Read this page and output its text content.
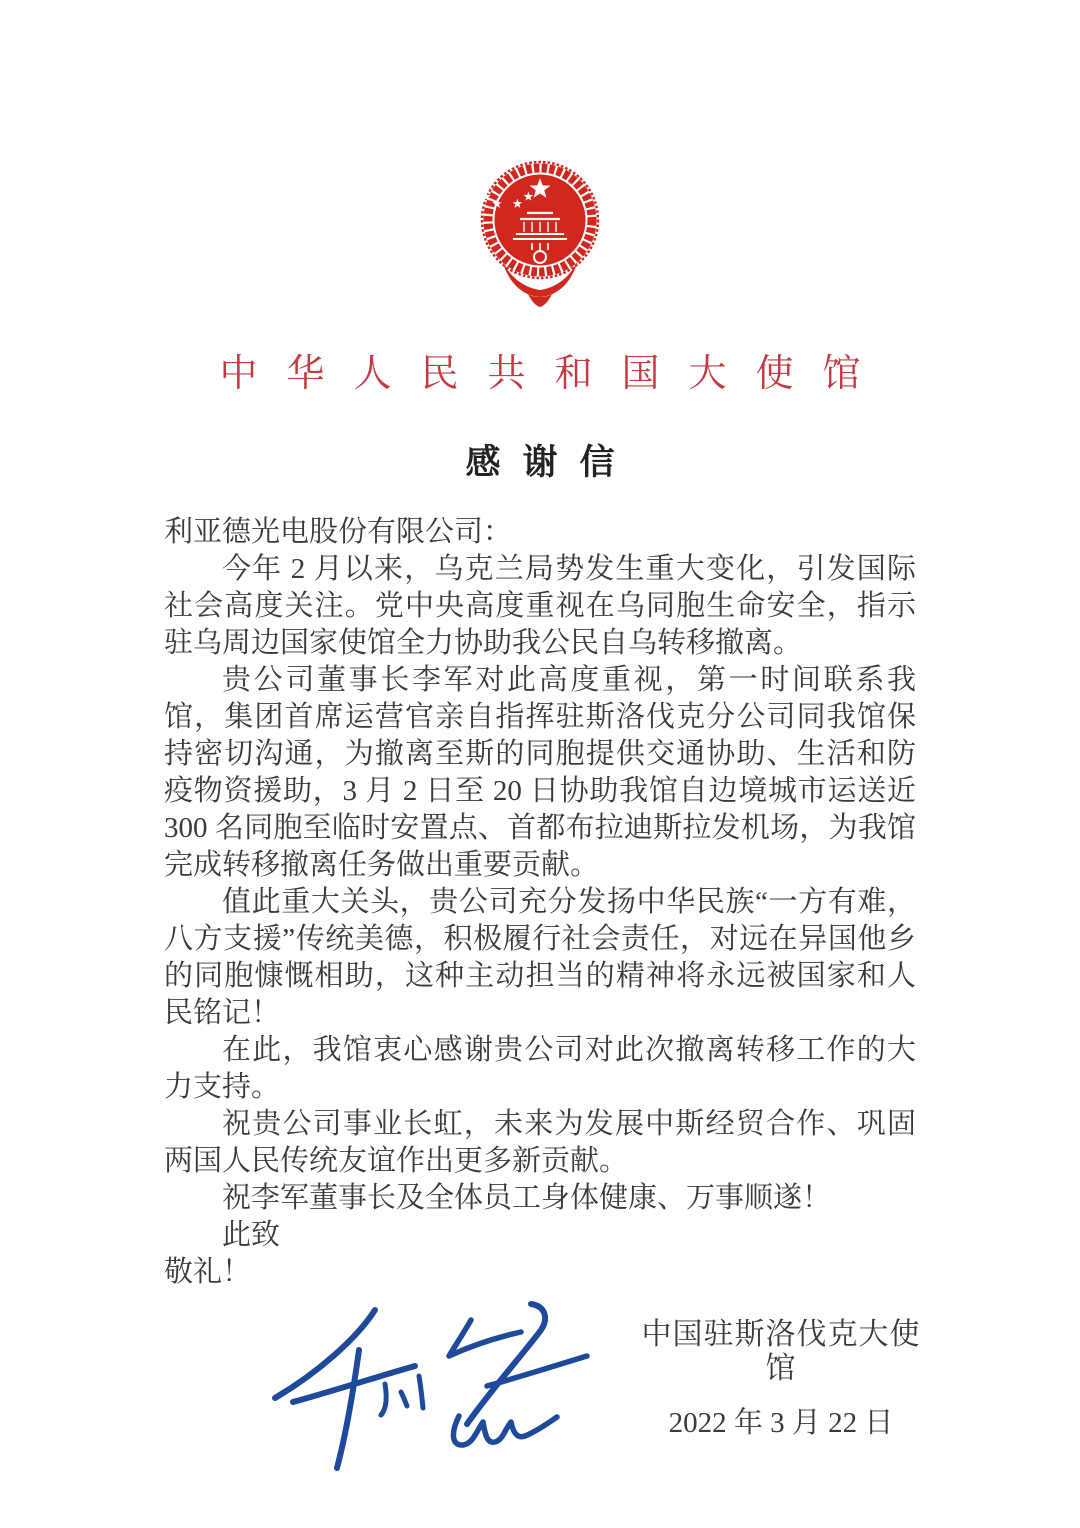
中华人民共和国大使馆
感谢信

利亚德光电股份有限公司：

今年 2 月以来，乌克兰局势发生重大变化，引发国际社会高度关注。党中央高度重视在乌同胞生命安全，指示驻乌周边国家使馆全力协助我公民自乌转移撤离。

贵公司董事长李军对此高度重视，第一时间联系我馆，集团首席运营官亲自指挥驻斯洛伐克分公司同我馆保持密切沟通，为撤离至斯的同胞提供交通协助、生活和防疫物资援助，3 月 2 日至 20 日协助我馆自边境城市运送近 300 名同胞至临时安置点、首都布拉迪斯拉发机场，为我馆完成转移撤离任务做出重要贡献。

值此重大关头，贵公司充分发扬中华民族“一方有难，八方支援”传统美德，积极履行社会责任，对远在异国他乡的同胞慷慨相助，这种主动担当的精神将永远被国家和人民铭记！

在此，我馆衷心感谢贵公司对此次撤离转移工作的大力支持。

祝贵公司事业长虹，未来为发展中斯经贸合作、巩固两国人民传统友谊作出更多新贡献。

祝李军董事长及全体员工身体健康、万事顺遂！

此致

敬礼！

中国驻斯洛伐克大使馆
2022 年 3 月 22 日
